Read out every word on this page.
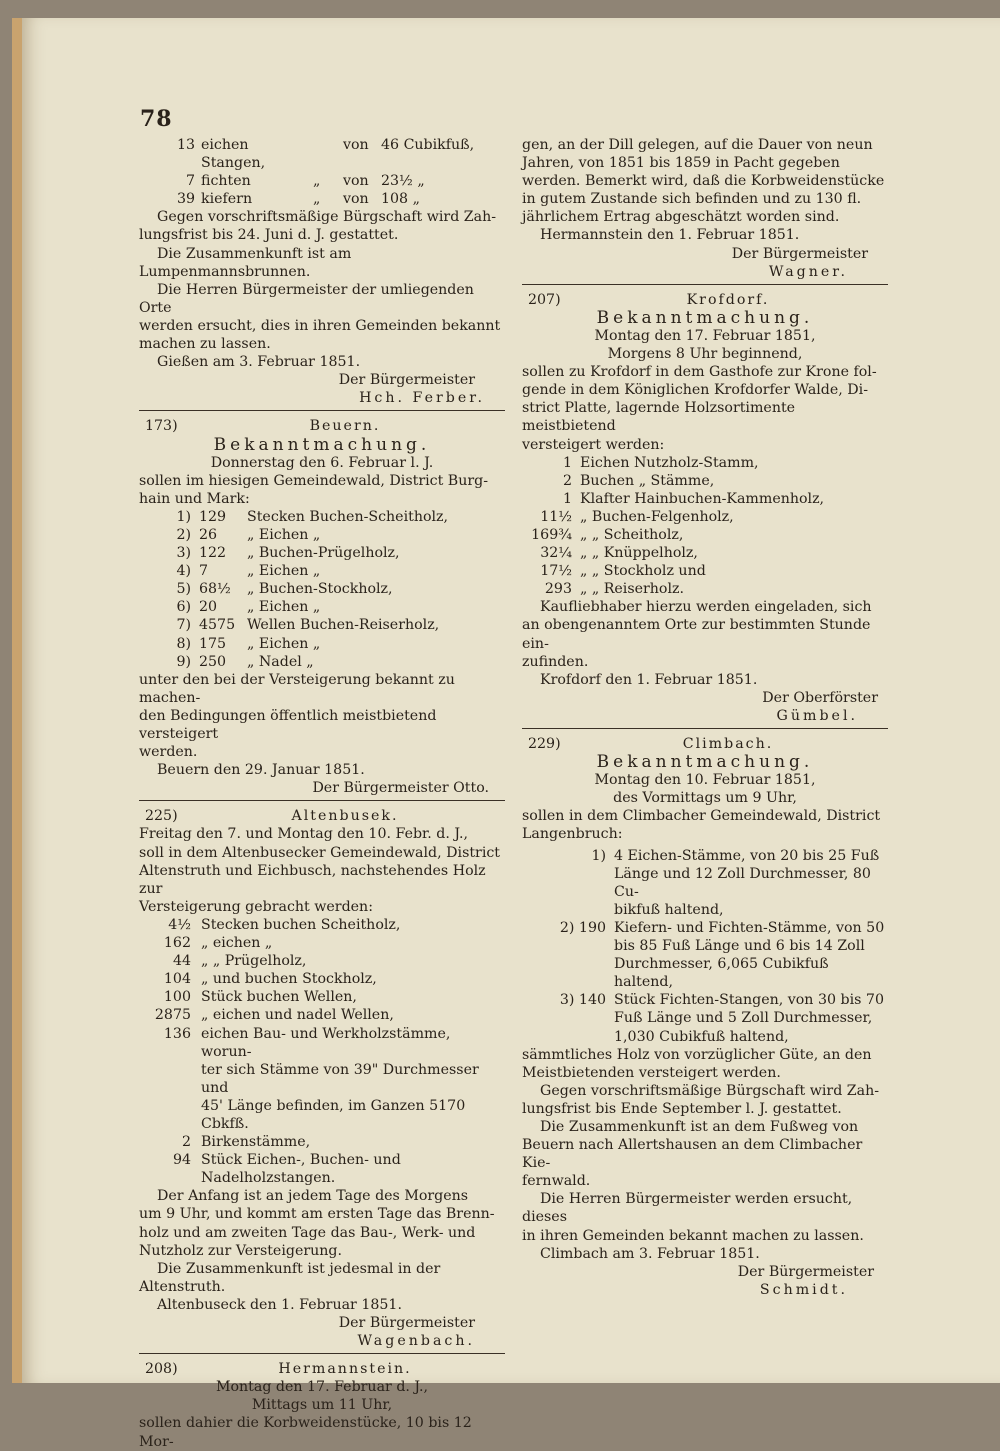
78
13	eichen Stangen,		von	46 Cubikfuß,
7	fichten	„	von	23½ „
39	kiefern	„	von	108 „

Gegen vorschriftsmäßige Bürgschaft wird Zah-

lungsfrist bis 24. Juni d. J. gestattet.

Die Zusammenkunft ist am Lumpenmannsbrunnen.

Die Herren Bürgermeister der umliegenden Orte

werden ersucht, dies in ihren Gemeinden bekannt

machen zu lassen.

Gießen am 3. Februar 1851.

Der Bürgermeister

Hch. Ferber.

173)	Beuern.

Bekanntmachung.

Donnerstag den 6. Februar l. J.

sollen im hiesigen Gemeindewald, District Burg-

hain und Mark:

1)	129	Stecken Buchen-Scheitholz,
2)	26	„ Eichen „
3)	122	„ Buchen-Prügelholz,
4)	7	„ Eichen „
5)	68½	„ Buchen-Stockholz,
6)	20	„ Eichen „
7)	4575	Wellen Buchen-Reiserholz,
8)	175	„ Eichen „
9)	250	„ Nadel „

unter den bei der Versteigerung bekannt zu machen-

den Bedingungen öffentlich meistbietend versteigert

werden.

Beuern den 29. Januar 1851.

Der Bürgermeister Otto.

225)	Altenbusek.

Freitag den 7. und Montag den 10. Febr. d. J.,

soll in dem Altenbusecker Gemeindewald, District

Altenstruth und Eichbusch, nachstehendes Holz zur

Versteigerung gebracht werden:

4½	Stecken buchen Scheitholz,
162	„ eichen „
44	„ „ Prügelholz,
104	„ und buchen Stockholz,
100	Stück buchen Wellen,
2875	„ eichen und nadel Wellen,
136	eichen Bau- und Werkholzstämme, worun-
	ter sich Stämme von 39" Durchmesser und
	45' Länge befinden, im Ganzen 5170 Cbkfß.
2	Birkenstämme,
94	Stück Eichen-, Buchen- und Nadelholzstangen.

Der Anfang ist an jedem Tage des Morgens

um 9 Uhr, und kommt am ersten Tage das Brenn-

holz und am zweiten Tage das Bau-, Werk- und

Nutzholz zur Versteigerung.

Die Zusammenkunft ist jedesmal in der Altenstruth.

Altenbuseck den 1. Februar 1851.

Der Bürgermeister

Wagenbach.

208)	Hermannstein.

Montag den 17. Februar d. J.,

Mittags um 11 Uhr,

sollen dahier die Korbweidenstücke, 10 bis 12 Mor-

gen, an der Dill gelegen, auf die Dauer von neun

Jahren, von 1851 bis 1859 in Pacht gegeben

werden. Bemerkt wird, daß die Korbweidenstücke

in gutem Zustande sich befinden und zu 130 fl.

jährlichem Ertrag abgeschätzt worden sind.

Hermannstein den 1. Februar 1851.

Der Bürgermeister

Wagner.

207)	Krofdorf.

Bekanntmachung.

Montag den 17. Februar 1851,

Morgens 8 Uhr beginnend,

sollen zu Krofdorf in dem Gasthofe zur Krone fol-

gende in dem Königlichen Krofdorfer Walde, Di-

strict Platte, lagernde Holzsortimente meistbietend

versteigert werden:

1	Eichen Nutzholz-Stamm,
2	Buchen „ Stämme,
1	Klafter Hainbuchen-Kammenholz,
11½	„ Buchen-Felgenholz,
169¾	„ „ Scheitholz,
32¼	„ „ Knüppelholz,
17½	„ „ Stockholz und
293	„ „ Reiserholz.

Kaufliebhaber hierzu werden eingeladen, sich

an obengenanntem Orte zur bestimmten Stunde ein-

zufinden.

Krofdorf den 1. Februar 1851.

Der Oberförster

Gümbel.

229)	Climbach.

Bekanntmachung.

Montag den 10. Februar 1851,

des Vormittags um 9 Uhr,

sollen in dem Climbacher Gemeindewald, District

Langenbruch:

1)	4 Eichen-Stämme, von 20 bis 25 Fuß
	Länge und 12 Zoll Durchmesser, 80 Cu-
	bikfuß haltend,
2) 190	Kiefern- und Fichten-Stämme, von 50
	bis 85 Fuß Länge und 6 bis 14 Zoll
	Durchmesser, 6,065 Cubikfuß haltend,
3) 140	Stück Fichten-Stangen, von 30 bis 70
	Fuß Länge und 5 Zoll Durchmesser,
	1,030 Cubikfuß haltend,

sämmtliches Holz von vorzüglicher Güte, an den

Meistbietenden versteigert werden.

Gegen vorschriftsmäßige Bürgschaft wird Zah-

lungsfrist bis Ende September l. J. gestattet.

Die Zusammenkunft ist an dem Fußweg von

Beuern nach Allertshausen an dem Climbacher Kie-

fernwald.

Die Herren Bürgermeister werden ersucht, dieses

in ihren Gemeinden bekannt machen zu lassen.

Climbach am 3. Februar 1851.

Der Bürgermeister

Schmidt.
